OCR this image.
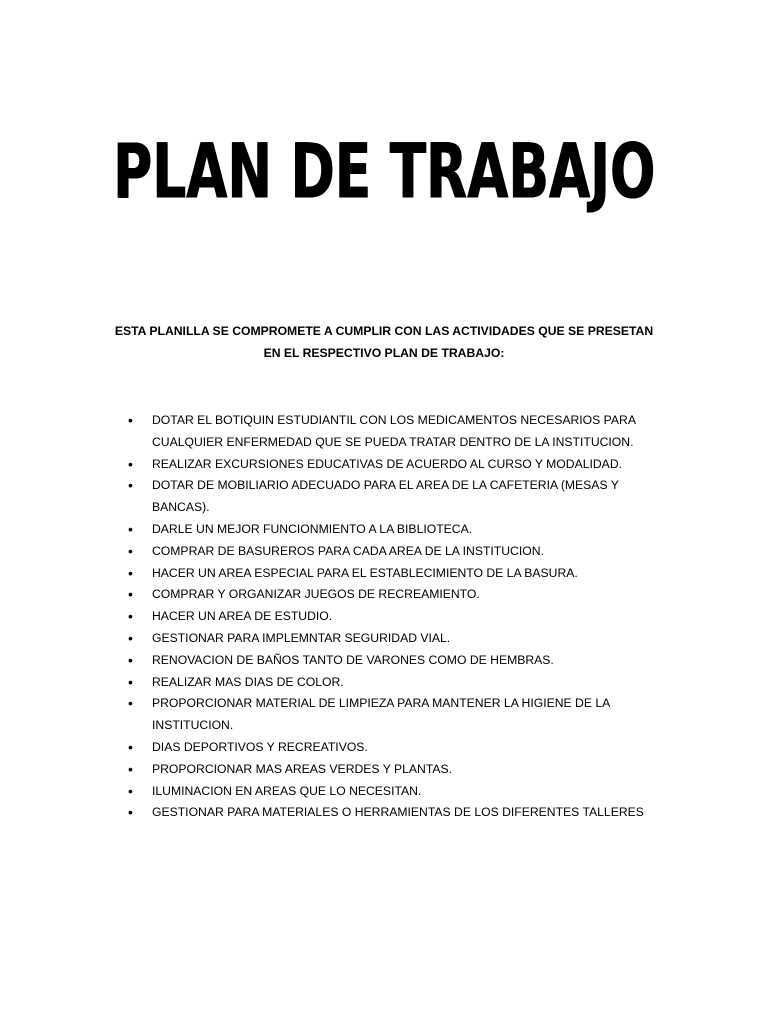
PLAN DE TRABAJO

ESTA PLANILLA SE COMPROMETE A CUMPLIR CON LAS ACTIVIDADES QUE SE PRESETAN
EN EL RESPECTIVO PLAN DE TRABAJO:

•	DOTAR EL BOTIQUIN ESTUDIANTIL CON LOS MEDICAMENTOS NECESARIOS PARA
CUALQUIER ENFERMEDAD QUE SE PUEDA TRATAR DENTRO DE LA INSTITUCION.
•	REALIZAR EXCURSIONES EDUCATIVAS DE ACUERDO AL CURSO Y MODALIDAD.
•	DOTAR DE MOBILIARIO ADECUADO PARA EL AREA DE LA CAFETERIA (MESAS Y
BANCAS).
•	DARLE UN MEJOR FUNCIONMIENTO A LA BIBLIOTECA.
•	COMPRAR DE BASUREROS PARA CADA AREA DE LA INSTITUCION.
•	HACER UN AREA ESPECIAL PARA EL ESTABLECIMIENTO DE LA BASURA.
•	COMPRAR Y ORGANIZAR JUEGOS DE RECREAMIENTO.
•	HACER UN AREA DE ESTUDIO.
•	GESTIONAR PARA IMPLEMNTAR SEGURIDAD VIAL.
•	RENOVACION DE BAÑOS TANTO DE VARONES COMO DE HEMBRAS.
•	REALIZAR MAS DIAS DE COLOR.
•	PROPORCIONAR MATERIAL DE LIMPIEZA PARA MANTENER LA HIGIENE DE LA
INSTITUCION.
•	DIAS DEPORTIVOS Y RECREATIVOS.
•	PROPORCIONAR MAS AREAS VERDES Y PLANTAS.
•	ILUMINACION EN AREAS QUE LO NECESITAN.
•	GESTIONAR PARA MATERIALES O HERRAMIENTAS DE LOS DIFERENTES TALLERES
